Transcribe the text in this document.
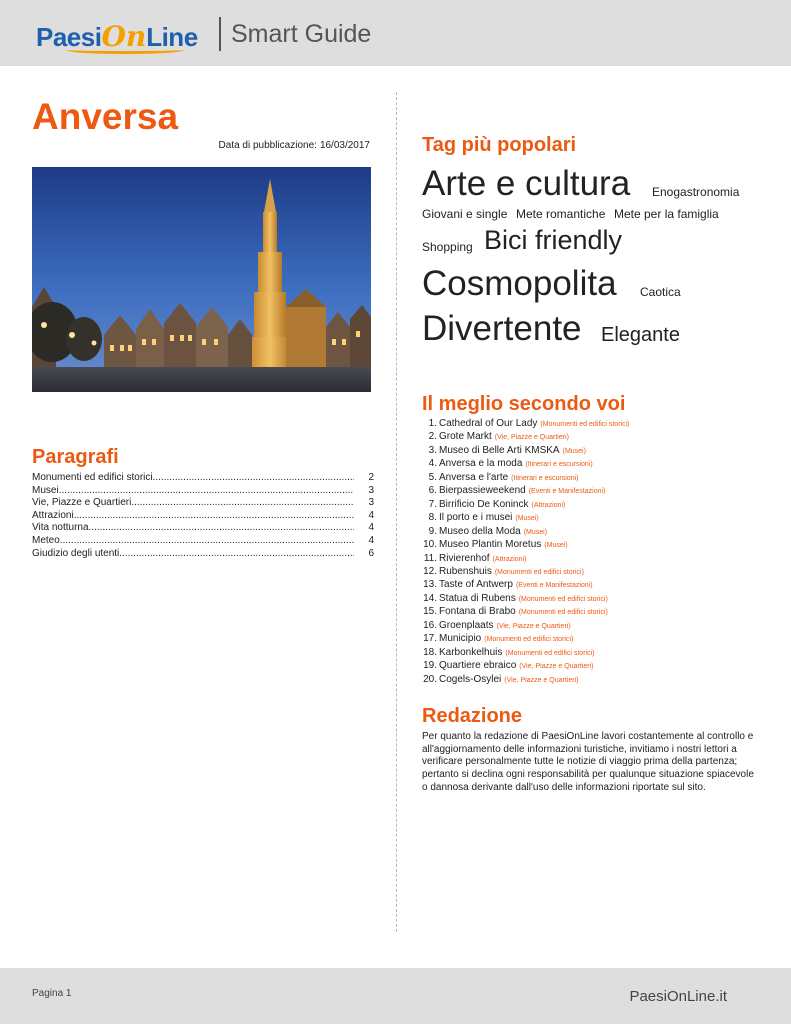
Paesi On Line Smart Guide
Anversa
Data di pubblicazione: 16/03/2017
Paragrafi
Monumenti ed edifici storici .....	2
Musei .....	3
Vie, Piazze e Quartieri .....	3
Attrazioni .....	4
Vita notturna .....	4
Meteo .....	4
Giudizio degli utenti .....	6
Tag più popolari
Arte e cultura Enogastronomia
Giovani e single Mete romantiche Mete per la famiglia
Shopping Bici friendly
Cosmopolita Caotica
Divertente Elegante
Il meglio secondo voi
1. Cathedral of Our Lady (Monumenti ed edifici storici)
2. Grote Markt (Vie, Piazze e Quartieri)
3. Museo di Belle Arti KMSKA (Musei)
4. Anversa e la moda (Itinerari e escursioni)
5. Anversa e l'arte (Itinerari e escursioni)
6. Bierpassieweekend (Eventi e Manifestazioni)
7. Birrificio De Koninck (Attrazioni)
8. Il porto e i musei (Musei)
9. Museo della Moda (Musei)
10. Museo Plantin Moretus (Musei)
11. Rivierenhof (Attrazioni)
12. Rubenshuis (Monumenti ed edifici storici)
13. Taste of Antwerp (Eventi e Manifestazioni)
14. Statua di Rubens (Monumenti ed edifici storici)
15. Fontana di Brabo (Monumenti ed edifici storici)
16. Groenplaats (Vie, Piazze e Quartieri)
17. Municipio (Monumenti ed edifici storici)
18. Karbonkelhuis (Monumenti ed edifici storici)
19. Quartiere ebraico (Vie, Piazze e Quartieri)
20. Cogels-Osylei (Vie, Piazze e Quartieri)
Redazione
Per quanto la redazione di PaesiOnLine lavori costantemente al controllo e all'aggiornamento delle informazioni turistiche, invitiamo i nostri lettori a verificare personalmente tutte le notizie di viaggio prima della partenza; pertanto si declina ogni responsabilità per qualunque situazione spiacevole o dannosa derivante dall'uso delle informazioni riportate sul sito.
Pagina 1	PaesiOnLine.it
